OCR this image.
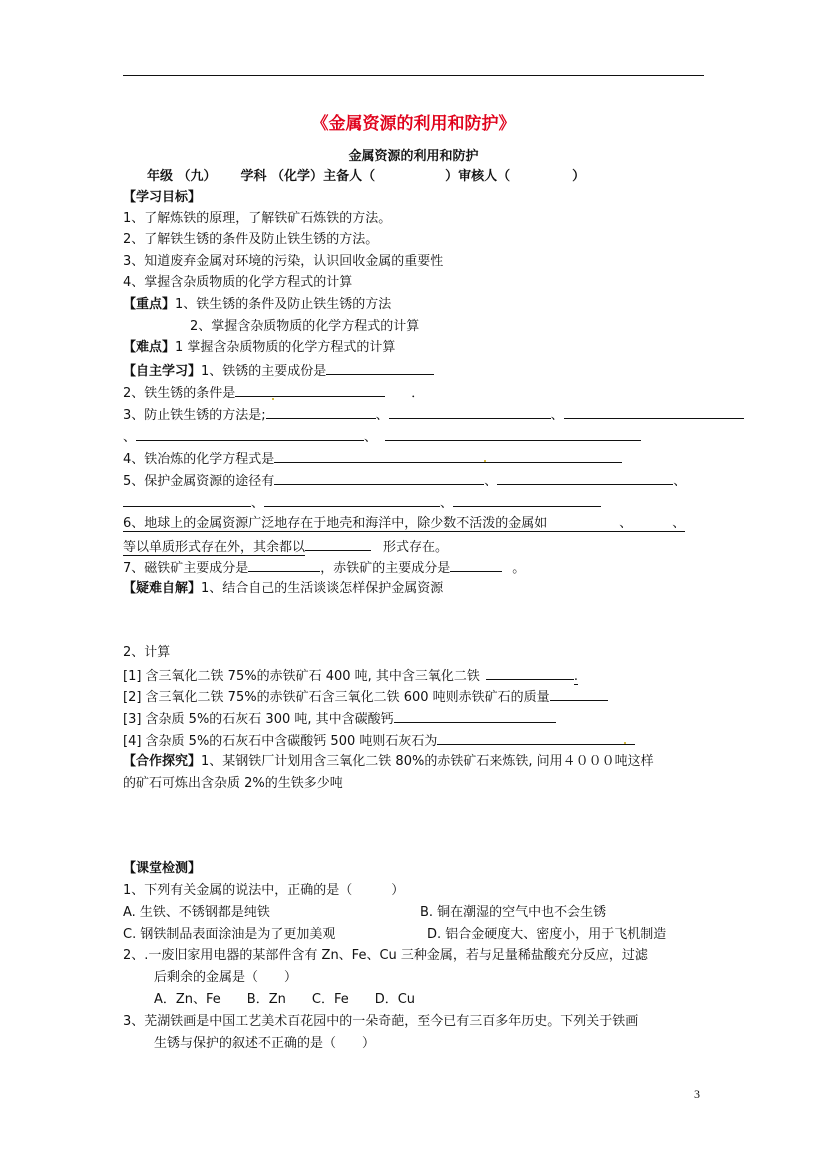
《金属资源的利用和防护》
金属资源的利用和防护
年级 （九） 学科 （化学）主备人（	）审核人（	）
【学习目标】
1、了解炼铁的原理，了解铁矿石炼铁的方法。
2、了解铁生锈的条件及防止铁生锈的方法。
3、知道废弃金属对环境的污染，认识回收金属的重要性
4、掌握含杂质物质的化学方程式的计算
【重点】1、铁生锈的条件及防止铁生锈的方法
2、掌握含杂质物质的化学方程式的计算
【难点】1 掌握含杂质物质的化学方程式的计算
【自主学习】1、铁锈的主要成份是
2、铁生锈的条件是	．
3、防止铁生锈的方法是;	、	、
、	、
4、铁冶炼的化学方程式是
5、保护金属资源的途径有	、	、
、	、
6、地球上的金属资源广泛地存在于地壳和海洋中，除少数不活泼的金属如	、	、
等以单质形式存在外，其余都以	形式存在。
7、磁铁矿主要成分是	，赤铁矿的主要成分是	。
【疑难自解】1、结合自己的生活谈谈怎样保护金属资源
2、计算
[1] 含三氧化二铁 75%的赤铁矿石 400 吨, 其中含三氧化二铁	.
[2] 含三氧化二铁 75%的赤铁矿石含三氧化二铁 600 吨则赤铁矿石的质量
[3] 含杂质 5%的石灰石 300 吨, 其中含碳酸钙
[4] 含杂质 5%的石灰石中含碳酸钙 500 吨则石灰石为
【合作探究】1、某钢铁厂计划用含三氧化二铁 80%的赤铁矿石来炼铁, 问用４０００吨这样
的矿石可炼出含杂质 2%的生铁多少吨
【课堂检测】
1、下列有关金属的说法中，正确的是（　　　）
A. 生铁、不锈钢都是纯铁	B. 铜在潮湿的空气中也不会生锈
C. 钢铁制品表面涂油是为了更加美观	D. 铝合金硬度大、密度小，用于飞机制造
2、.一废旧家用电器的某部件含有 Zn、Fe、Cu 三种金属，若与足量稀盐酸充分反应，过滤
后剩余的金属是（　　）
A．Zn、Fe　　B．Zn　　C．Fe　　D．Cu
3、芜湖铁画是中国工艺美术百花园中的一朵奇葩，至今已有三百多年历史。下列关于铁画
生锈与保护的叙述不正确的是（　　）
3
